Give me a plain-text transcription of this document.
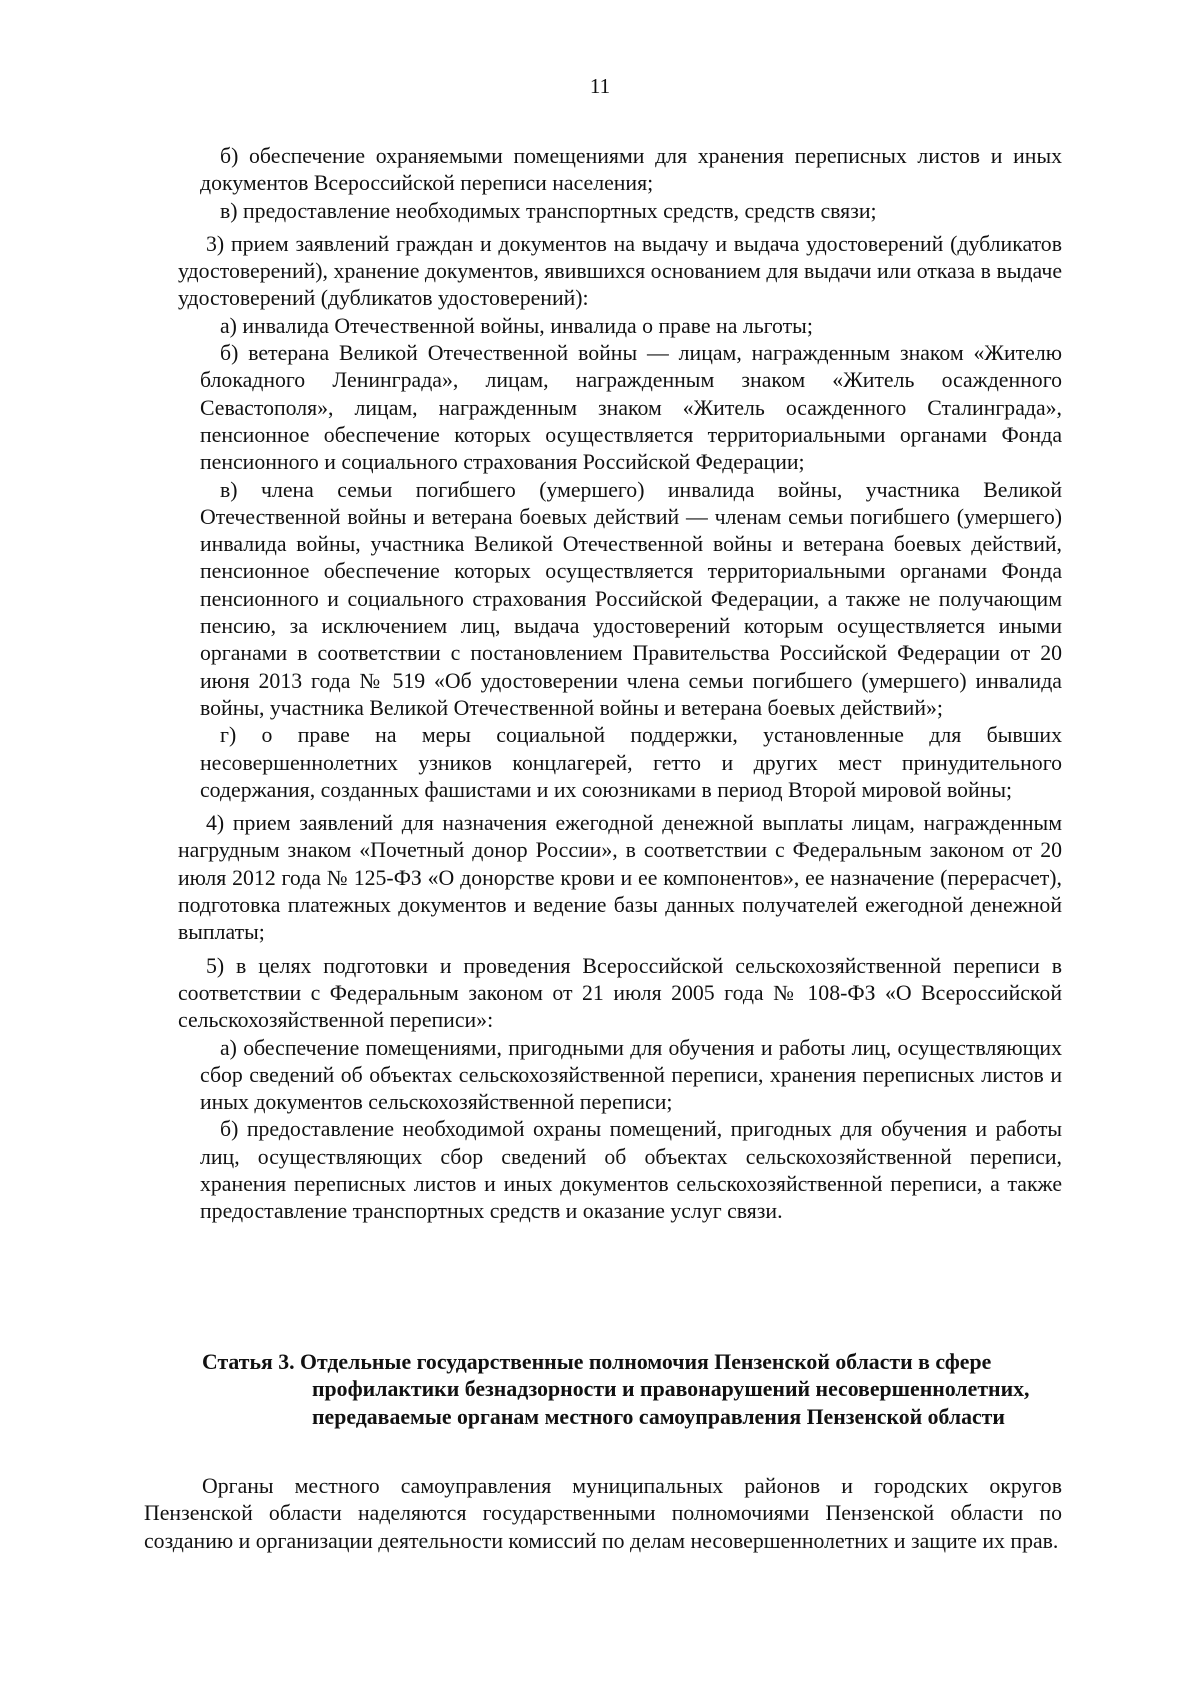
11

б) обеспечение охраняемыми помещениями для хранения переписных листов и иных документов Всероссийской переписи населения;

в) предоставление необходимых транспортных средств, средств связи;

3) прием заявлений граждан и документов на выдачу и выдача удостоверений (дубликатов удостоверений), хранение документов, явившихся основанием для выдачи или отказа в выдаче удостоверений (дубликатов удостоверений):

а) инвалида Отечественной войны, инвалида о праве на льготы;

б) ветерана Великой Отечественной войны — лицам, награжденным знаком «Жителю блокадного Ленинграда», лицам, награжденным знаком «Житель осажденного Севастополя», лицам, награжденным знаком «Житель осажденного Сталинграда», пенсионное обеспечение которых осуществляется территориальными органами Фонда пенсионного и социального страхования Российской Федерации;

в) члена семьи погибшего (умершего) инвалида войны, участника Великой Отечественной войны и ветерана боевых действий — членам семьи погибшего (умершего) инвалида войны, участника Великой Отечественной войны и ветерана боевых действий, пенсионное обеспечение которых осуществляется территориальными органами Фонда пенсионного и социального страхования Российской Федерации, а также не получающим пенсию, за исключением лиц, выдача удостоверений которым осуществляется иными органами в соответствии с постановлением Правительства Российской Федерации от 20 июня 2013 года № 519 «Об удостоверении члена семьи погибшего (умершего) инвалида войны, участника Великой Отечественной войны и ветерана боевых действий»;

г) о праве на меры социальной поддержки, установленные для бывших несовершеннолетних узников концлагерей, гетто и других мест принудительного содержания, созданных фашистами и их союзниками в период Второй мировой войны;

4) прием заявлений для назначения ежегодной денежной выплаты лицам, награжденным нагрудным знаком «Почетный донор России», в соответствии с Федеральным законом от 20 июля 2012 года № 125-ФЗ «О донорстве крови и ее компонентов», ее назначение (перерасчет), подготовка платежных документов и ведение базы данных получателей ежегодной денежной выплаты;

5) в целях подготовки и проведения Всероссийской сельскохозяйственной переписи в соответствии с Федеральным законом от 21 июля 2005 года № 108-ФЗ «О Всероссийской сельскохозяйственной переписи»:

а) обеспечение помещениями, пригодными для обучения и работы лиц, осуществляющих сбор сведений об объектах сельскохозяйственной переписи, хранения переписных листов и иных документов сельскохозяйственной переписи;

б) предоставление необходимой охраны помещений, пригодных для обучения и работы лиц, осуществляющих сбор сведений об объектах сельскохозяйственной переписи, хранения переписных листов и иных документов сельскохозяйственной переписи, а также предоставление транспортных средств и оказание услуг связи.

Статья 3. Отдельные государственные полномочия Пензенской области в сфере профилактики безнадзорности и правонарушений несовершеннолетних, передаваемые органам местного самоуправления Пензенской области

Органы местного самоуправления муниципальных районов и городских округов Пензенской области наделяются государственными полномочиями Пензенской области по созданию и организации деятельности комиссий по делам несовершеннолетних и защите их прав.
